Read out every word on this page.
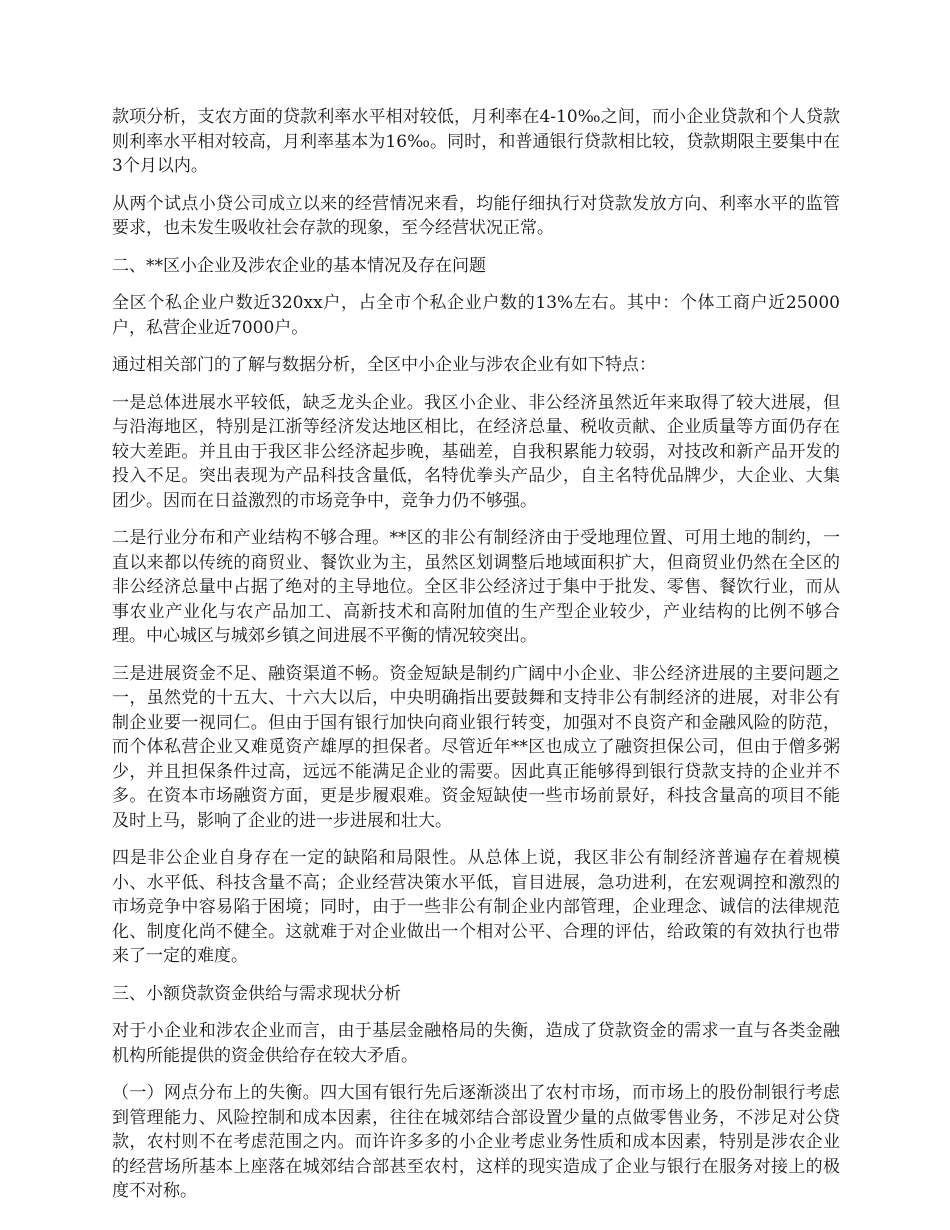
款项分析，支农方面的贷款利率水平相对较低，月利率在4-10‰之间，而小企业贷款和个人贷款则利率水平相对较高，月利率基本为16‰。同时，和普通银行贷款相比较，贷款期限主要集中在3个月以内。

从两个试点小贷公司成立以来的经营情况来看，均能仔细执行对贷款发放方向、利率水平的监管要求，也未发生吸收社会存款的现象，至今经营状况正常。

二、**区小企业及涉农企业的基本情况及存在问题

全区个私企业户数近320xx户，占全市个私企业户数的13%左右。其中：个体工商户近25000户，私营企业近7000户。

通过相关部门的了解与数据分析，全区中小企业与涉农企业有如下特点：

一是总体进展水平较低，缺乏龙头企业。我区小企业、非公经济虽然近年来取得了较大进展，但与沿海地区，特别是江浙等经济发达地区相比，在经济总量、税收贡献、企业质量等方面仍存在较大差距。并且由于我区非公经济起步晚，基础差，自我积累能力较弱，对技改和新产品开发的投入不足。突出表现为产品科技含量低，名特优拳头产品少，自主名特优品牌少，大企业、大集团少。因而在日益激烈的市场竞争中，竞争力仍不够强。

二是行业分布和产业结构不够合理。**区的非公有制经济由于受地理位置、可用土地的制约，一直以来都以传统的商贸业、餐饮业为主，虽然区划调整后地域面积扩大，但商贸业仍然在全区的非公经济总量中占据了绝对的主导地位。全区非公经济过于集中于批发、零售、餐饮行业，而从事农业产业化与农产品加工、高新技术和高附加值的生产型企业较少，产业结构的比例不够合理。中心城区与城郊乡镇之间进展不平衡的情况较突出。

三是进展资金不足、融资渠道不畅。资金短缺是制约广阔中小企业、非公经济进展的主要问题之一，虽然党的十五大、十六大以后，中央明确指出要鼓舞和支持非公有制经济的进展，对非公有制企业要一视同仁。但由于国有银行加快向商业银行转变，加强对不良资产和金融风险的防范，而个体私营企业又难觅资产雄厚的担保者。尽管近年**区也成立了融资担保公司，但由于僧多粥少，并且担保条件过高，远远不能满足企业的需要。因此真正能够得到银行贷款支持的企业并不多。在资本市场融资方面，更是步履艰难。资金短缺使一些市场前景好，科技含量高的项目不能及时上马，影响了企业的进一步进展和壮大。

四是非公企业自身存在一定的缺陷和局限性。从总体上说，我区非公有制经济普遍存在着规模小、水平低、科技含量不高；企业经营决策水平低，盲目进展，急功进利，在宏观调控和激烈的市场竞争中容易陷于困境；同时，由于一些非公有制企业内部管理，企业理念、诚信的法律规范化、制度化尚不健全。这就难于对企业做出一个相对公平、合理的评估，给政策的有效执行也带来了一定的难度。

三、小额贷款资金供给与需求现状分析

对于小企业和涉农企业而言，由于基层金融格局的失衡，造成了贷款资金的需求一直与各类金融机构所能提供的资金供给存在较大矛盾。

（一）网点分布上的失衡。四大国有银行先后逐渐淡出了农村市场，而市场上的股份制银行考虑到管理能力、风险控制和成本因素，往往在城郊结合部设置少量的点做零售业务，不涉足对公贷款，农村则不在考虑范围之内。而许许多多的小企业考虑业务性质和成本因素，特别是涉农企业的经营场所基本上座落在城郊结合部甚至农村，这样的现实造成了企业与银行在服务对接上的极度不对称。
